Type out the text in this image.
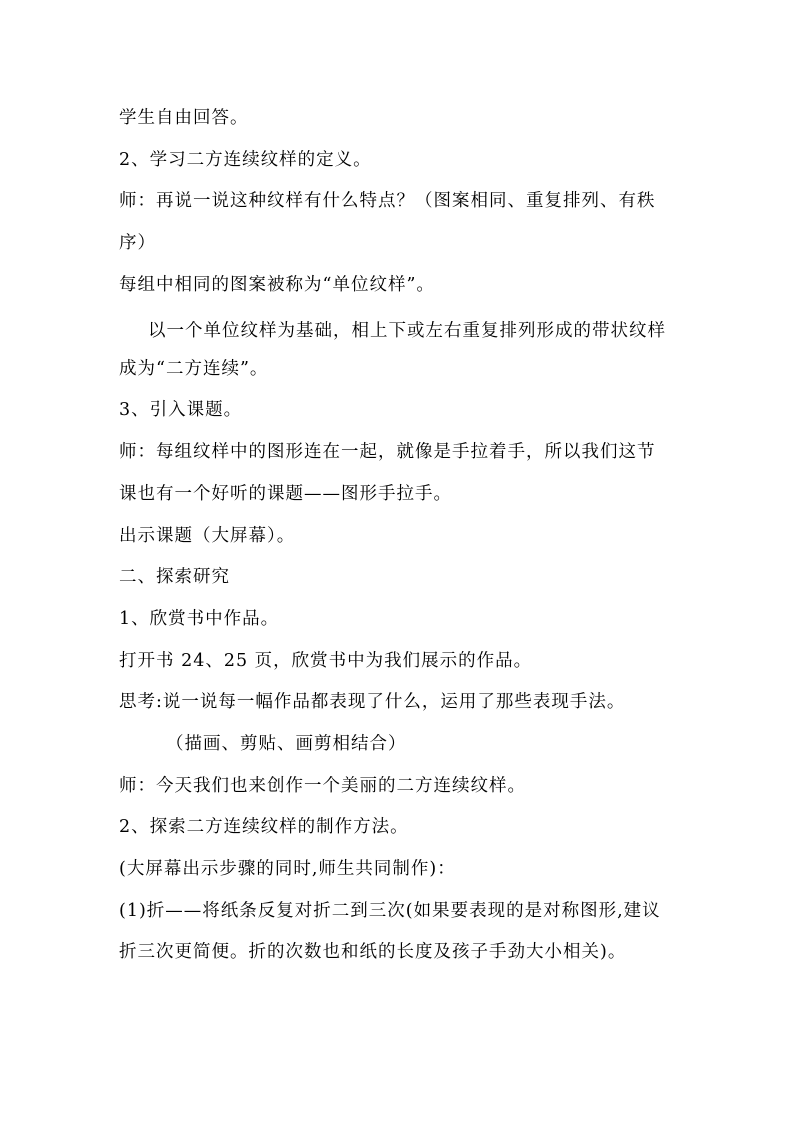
学生自由回答。
2、学习二方连续纹样的定义。
师：再说一说这种纹样有什么特点？（图案相同、重复排列、有秩
序）
每组中相同的图案被称为“单位纹样”。
以一个单位纹样为基础，相上下或左右重复排列形成的带状纹样
成为“二方连续”。
3、引入课题。
师：每组纹样中的图形连在一起，就像是手拉着手，所以我们这节
课也有一个好听的课题——图形手拉手。
出示课题（大屏幕）。
二、探索研究
1、欣赏书中作品。
打开书 24、25 页，欣赏书中为我们展示的作品。
思考:说一说每一幅作品都表现了什么，运用了那些表现手法。
（描画、剪贴、画剪相结合）
师：今天我们也来创作一个美丽的二方连续纹样。
2、探索二方连续纹样的制作方法。
(大屏幕出示步骤的同时,师生共同制作)：
(1)折——将纸条反复对折二到三次(如果要表现的是对称图形,建议
折三次更简便。折的次数也和纸的长度及孩子手劲大小相关)。
